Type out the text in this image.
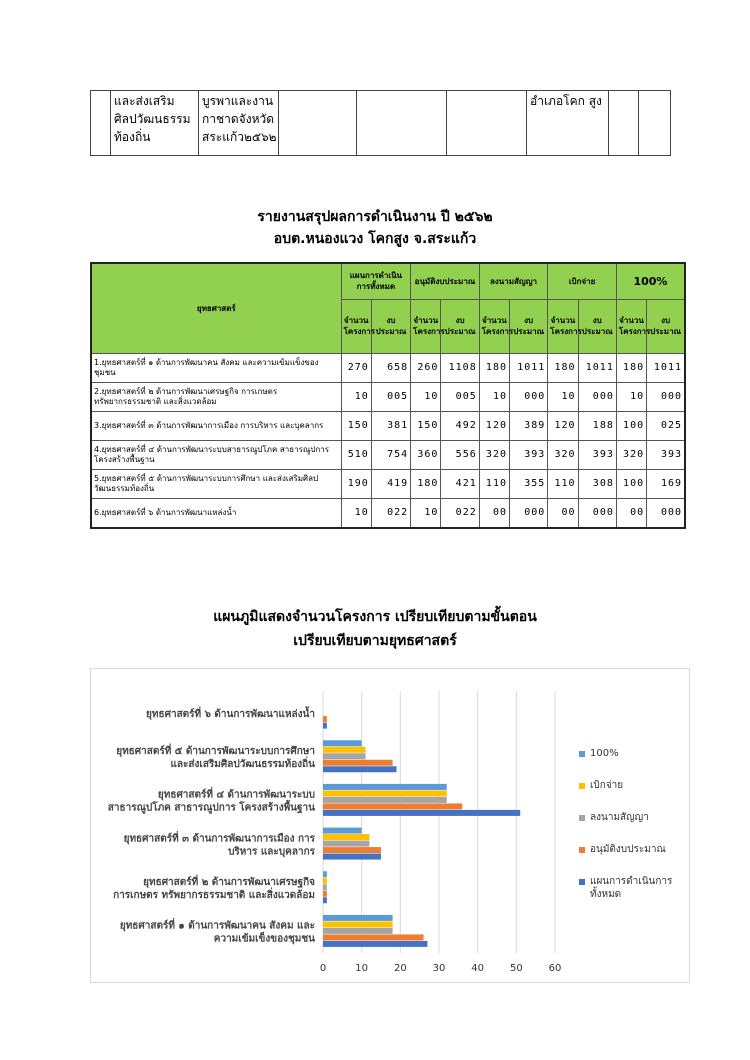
	และส่งเสริม ศิลปวัฒนธรรม ท้องถิ่น	บูรพาและงาน กาชาดจังหวัด สระแก้ว๒๕๖๒				อำเภอโคก สูง		
รายงานสรุปผลการดำเนินงาน ปี ๒๕๖๒
อบต.หนองแวง โคกสูง จ.สระแก้ว
ยุทธศาสตร์	แผนการดำเนินการทั้งหมด		อนุมัติงบประมาณ		ลงนามสัญญา		เบิกจ่าย		100%	
	จำนวนโครงการ	งบประมาณ	จำนวนโครงการ	งบประมาณ	จำนวนโครงการ	งบประมาณ	จำนวนโครงการ	งบประมาณ	จำนวนโครงการ	งบประมาณ
1.ยุทธศาสตร์ที่ ๑ ด้านการพัฒนาคน สังคม และความเข้มแข็งของชุมชน	270	658	260	1108	180	1011	180	1011	180	1011
2.ยุทธศาสตร์ที่ ๒ ด้านการพัฒนาเศรษฐกิจ การเกษตร ทรัพยากรธรรมชาติ และสิ่งแวดล้อม	10	005	10	005	10	000	10	000	10	000
3.ยุทธศาสตร์ที่ ๓ ด้านการพัฒนาการเมือง การบริหาร และบุคลากร	150	381	150	492	120	389	120	188	100	025
4.ยุทธศาสตร์ที่ ๔ ด้านการพัฒนาระบบสาธารณูปโภค สาธารณูปการ โครงสร้างพื้นฐาน	510	754	360	556	320	393	320	393	320	393
5.ยุทธศาสตร์ที่ ๕ ด้านการพัฒนาระบบการศึกษา และส่งเสริมศิลปวัฒนธรรมท้องถิ่น	190	419	180	421	110	355	110	308	100	169
6.ยุทธศาสตร์ที่ ๖ ด้านการพัฒนาแหล่งน้ำ	10	022	10	022	00	000	00	000	00	000
แผนภูมิแสดงจำนวนโครงการ เปรียบเทียบตามขั้นตอน
เปรียบเทียบตามยุทธศาสตร์
ยุทธศาสตร์ที่ ๖ ด้านการพัฒนาแหล่งน้ำ
ยุทธศาสตร์ที่ ๕ ด้านการพัฒนาระบบการศึกษา
และส่งเสริมศิลปวัฒนธรรมท้องถิ่น
ยุทธศาสตร์ที่ ๔ ด้านการพัฒนาระบบ
สาธารณูปโภค สาธารณูปการ โครงสร้างพื้นฐาน
ยุทธศาสตร์ที่ ๓ ด้านการพัฒนาการเมือง การ
บริหาร และบุคลากร
ยุทธศาสตร์ที่ ๒ ด้านการพัฒนาเศรษฐกิจ
การเกษตร ทรัพยากรธรรมชาติ และสิ่งแวดล้อม
ยุทธศาสตร์ที่ ๑ ด้านการพัฒนาคน สังคม และ
ความเข้มเข็งของชุมชน
0	10	20	30	40	50	60
100%
เบิกจ่าย
ลงนามสัญญา
อนุมัติงบประมาณ
แผนการดำเนินการ ทั้งหมด
